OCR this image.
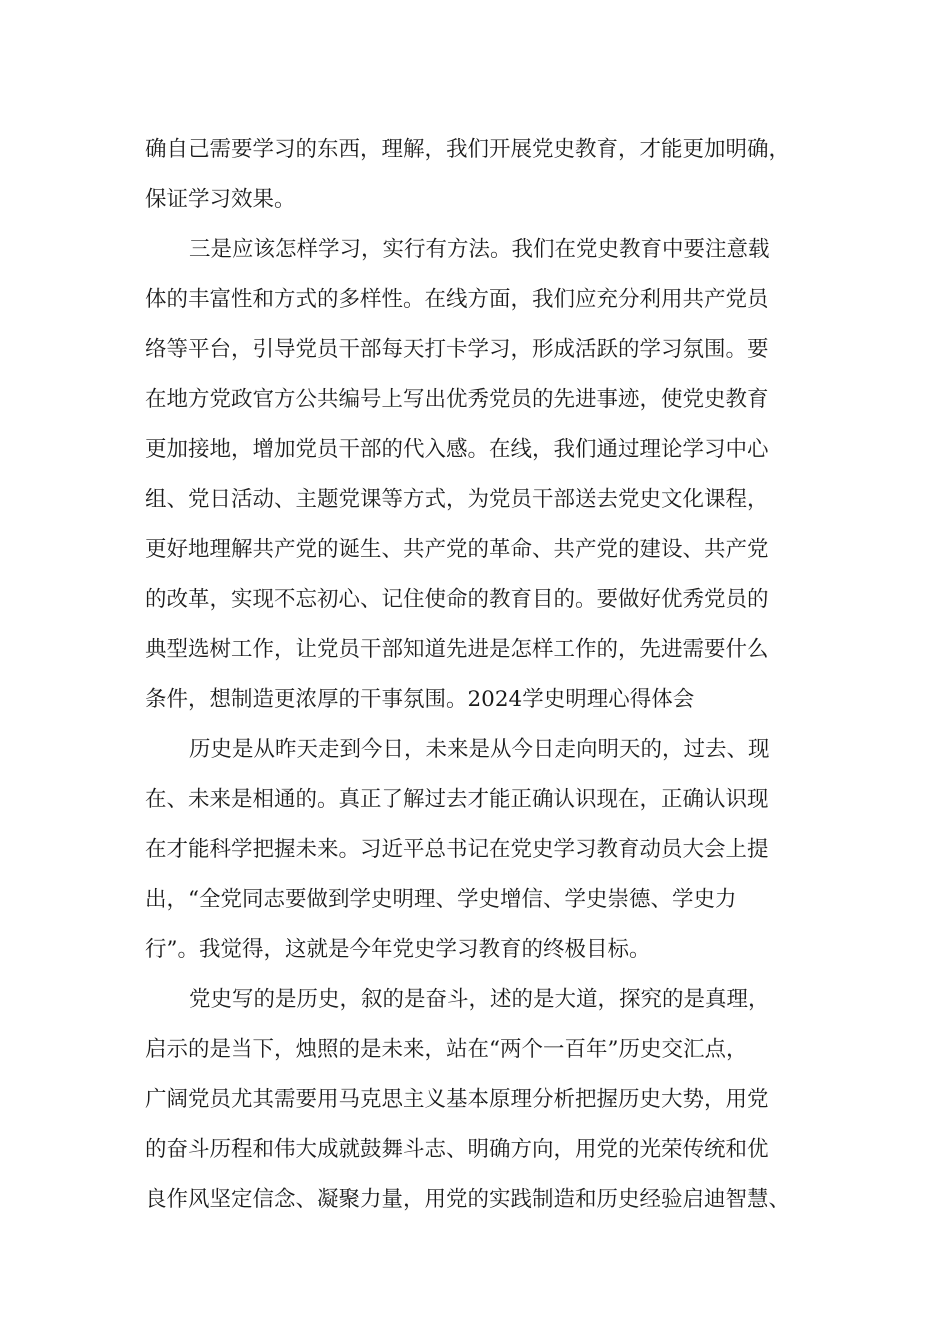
确自己需要学习的东西，理解，我们开展党史教育，才能更加明确，
保证学习效果。
三是应该怎样学习，实行有方法。我们在党史教育中要注意载
体的丰富性和方式的多样性。在线方面，我们应充分利用共产党员
络等平台，引导党员干部每天打卡学习，形成活跃的学习氛围。要
在地方党政官方公共编号上写出优秀党员的先进事迹，使党史教育
更加接地，增加党员干部的代入感。在线，我们通过理论学习中心
组、党日活动、主题党课等方式，为党员干部送去党史文化课程，
更好地理解共产党的诞生、共产党的革命、共产党的建设、共产党
的改革，实现不忘初心、记住使命的教育目的。要做好优秀党员的
典型选树工作，让党员干部知道先进是怎样工作的，先进需要什么
条件，想制造更浓厚的干事氛围。2024学史明理心得体会
历史是从昨天走到今日，未来是从今日走向明天的，过去、现
在、未来是相通的。真正了解过去才能正确认识现在，正确认识现
在才能科学把握未来。习近平总书记在党史学习教育动员大会上提
出，“全党同志要做到学史明理、学史增信、学史崇德、学史力
行”。我觉得，这就是今年党史学习教育的终极目标。
党史写的是历史，叙的是奋斗，述的是大道，探究的是真理，
启示的是当下，烛照的是未来，站在“两个一百年”历史交汇点，
广阔党员尤其需要用马克思主义基本原理分析把握历史大势，用党
的奋斗历程和伟大成就鼓舞斗志、明确方向，用党的光荣传统和优
良作风坚定信念、凝聚力量，用党的实践制造和历史经验启迪智慧、
